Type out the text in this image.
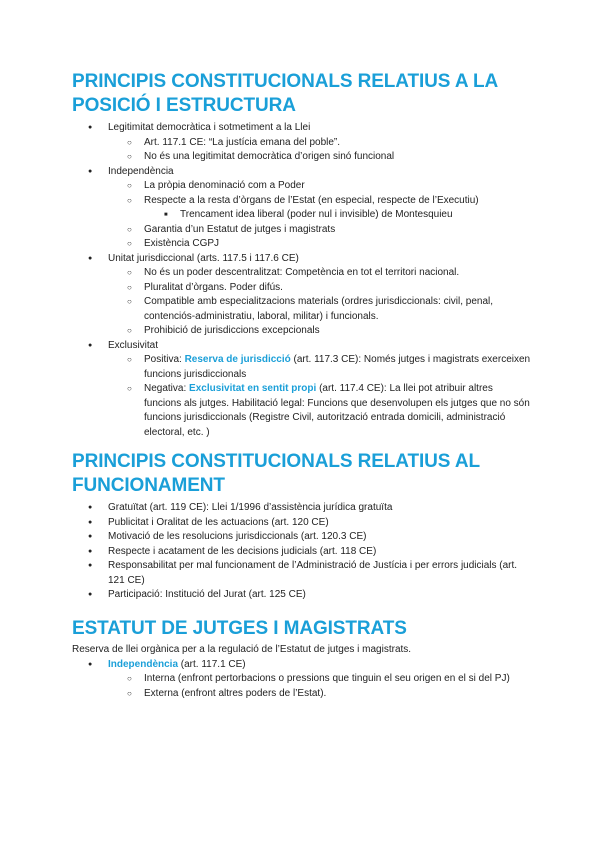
PRINCIPIS CONSTITUCIONALS RELATIUS A LA
POSICIÓ I ESTRUCTURA
● Legitimitat democràtica i sotmetiment a la Llei
○ Art. 117.1 CE: “La justícia emana del poble”.
○ No és una legitimitat democràtica d’origen sinó funcional
● Independència
○ La pròpia denominació com a Poder
○ Respecte a la resta d’òrgans de l’Estat (en especial, respecte de l’Executiu)
■ Trencament idea liberal (poder nul i invisible) de Montesquieu
○ Garantia d’un Estatut de jutges i magistrats
○ Existència CGPJ
● Unitat jurisdiccional (arts. 117.5 i 117.6 CE)
○ No és un poder descentralitzat: Competència en tot el territori nacional.
○ Pluralitat d’òrgans. Poder difús.
○ Compatible amb especialitzacions materials (ordres jurisdiccionals: civil, penal, contenciós-administratiu, laboral, militar) i funcionals.
○ Prohibició de jurisdiccions excepcionals
● Exclusivitat
○ Positiva: Reserva de jurisdicció (art. 117.3 CE): Només jutges i magistrats exerceixen funcions jurisdiccionals
○ Negativa: Exclusivitat en sentit propi (art. 117.4 CE): La llei pot atribuir altres funcions als jutges. Habilitació legal: Funcions que desenvolupen els jutges que no són funcions jurisdiccionals (Registre Civil, autorització entrada domicili, administració electoral, etc. )
PRINCIPIS CONSTITUCIONALS RELATIUS AL
FUNCIONAMENT
● Gratuïtat (art. 119 CE): Llei 1/1996 d’assistència jurídica gratuïta
● Publicitat i Oralitat de les actuacions (art. 120 CE)
● Motivació de les resolucions jurisdiccionals (art. 120.3 CE)
● Respecte i acatament de les decisions judicials (art. 118 CE)
● Responsabilitat per mal funcionament de l’Administració de Justícia i per errors judicials (art. 121 CE)
● Participació: Institució del Jurat (art. 125 CE)
ESTATUT DE JUTGES I MAGISTRATS

Reserva de llei orgànica per a la regulació de l’Estatut de jutges i magistrats.

● Independència (art. 117.1 CE)
○ Interna (enfront pertorbacions o pressions que tinguin el seu origen en el si del PJ)
○ Externa (enfront altres poders de l’Estat).
